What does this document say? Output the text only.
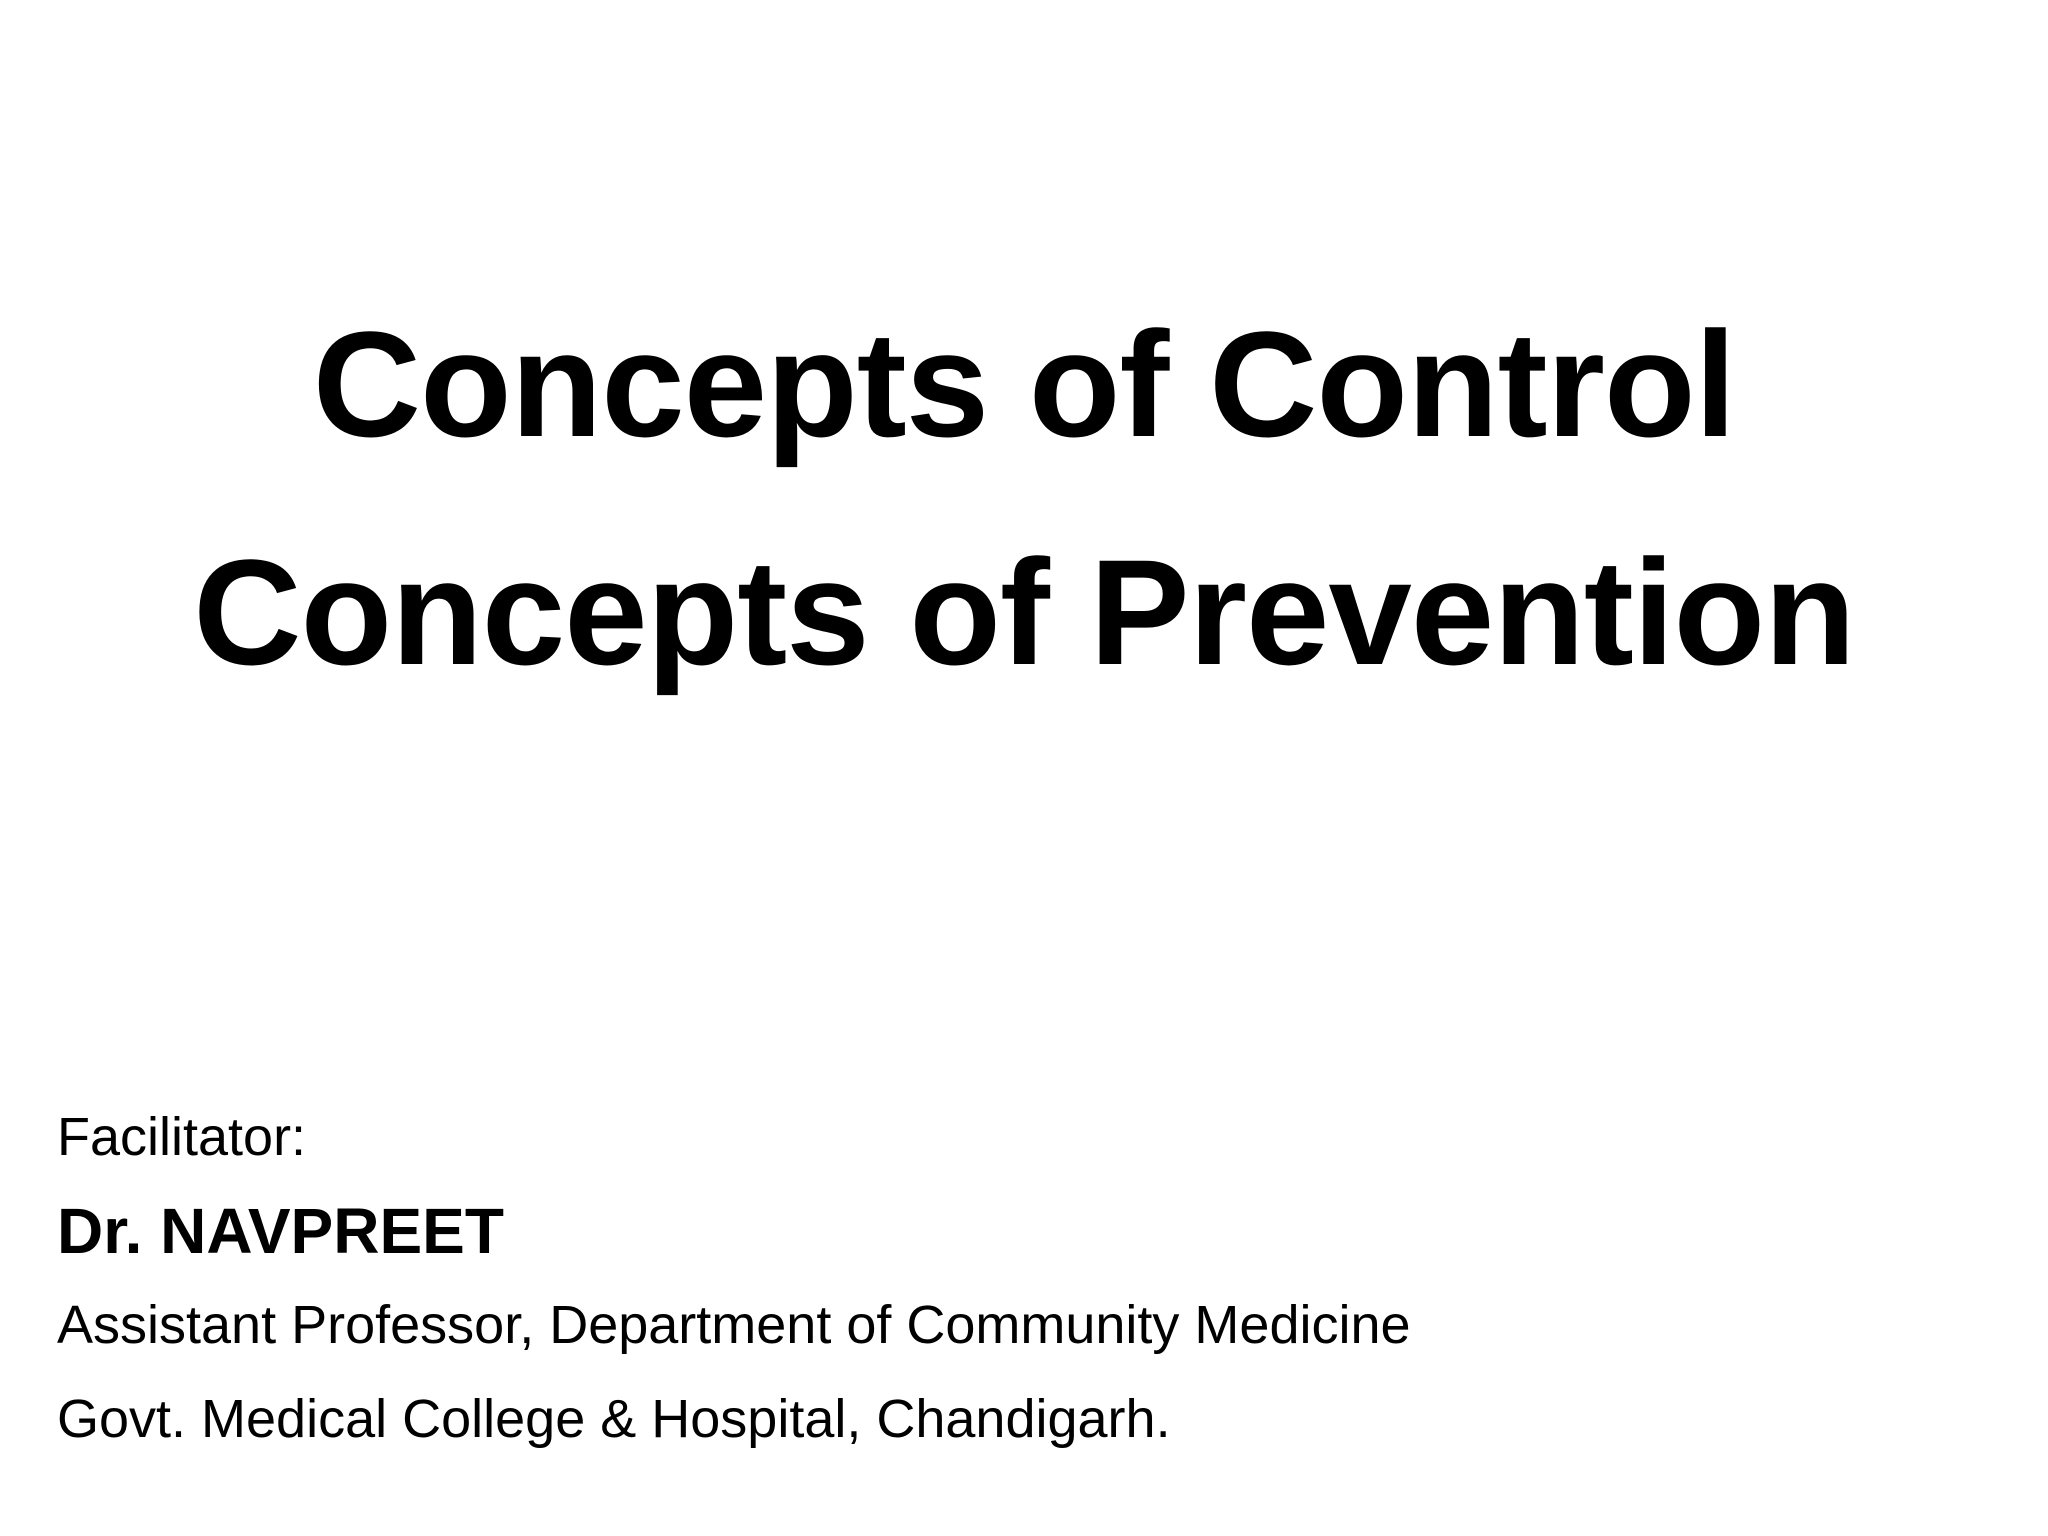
Concepts of Control
Concepts of Prevention
Facilitator:
Dr. NAVPREET
Assistant Professor, Department of Community Medicine
Govt. Medical College & Hospital, Chandigarh.
